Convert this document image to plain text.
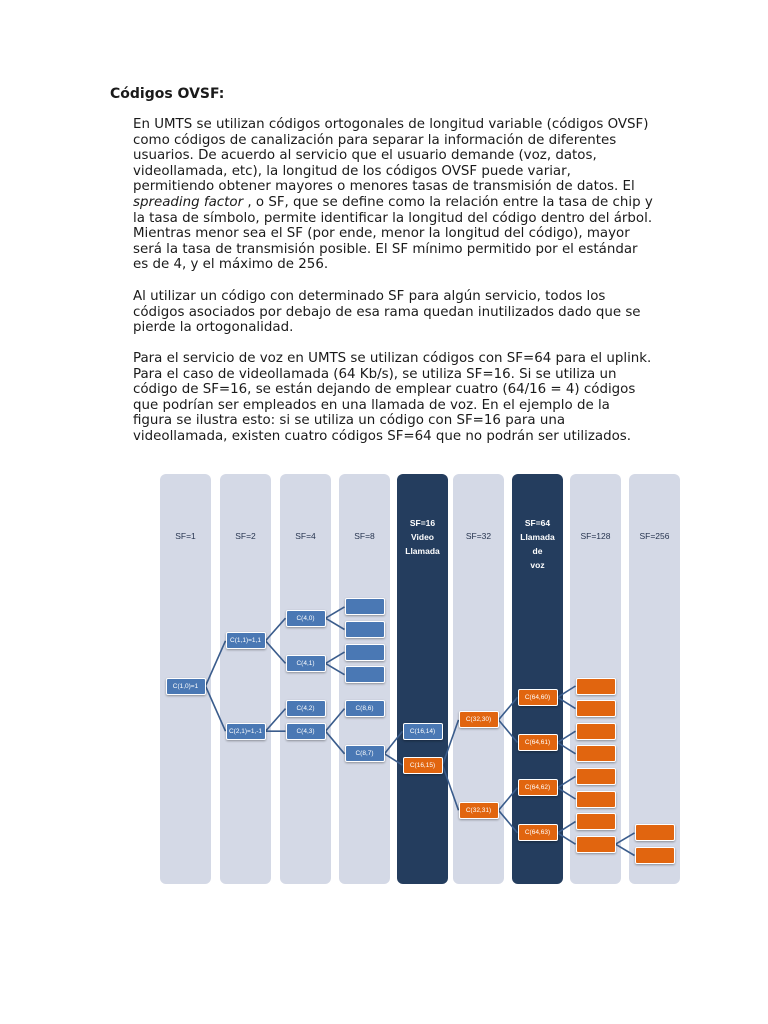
Códigos OVSF:

En UMTS se utilizan códigos ortogonales de longitud variable (códigos OVSF) como códigos de canalización para separar la información de diferentes usuarios. De acuerdo al servicio que el usuario demande (voz, datos, videollamada, etc), la longitud de los códigos OVSF puede variar, permitiendo obtener mayores o menores tasas de transmisión de datos. El spreading factor , o SF, que se define como la relación entre la tasa de chip y la tasa de símbolo, permite identificar la longitud del código dentro del árbol. Mientras menor sea el SF (por ende, menor la longitud del código), mayor será la tasa de transmisión posible. El SF mínimo permitido por el estándar es de 4, y el máximo de 256.

Al utilizar un código con determinado SF para algún servicio, todos los códigos asociados por debajo de esa rama quedan inutilizados dado que se pierde la ortogonalidad.

Para el servicio de voz en UMTS se utilizan códigos con SF=64 para el uplink. Para el caso de videollamada (64 Kb/s), se utiliza SF=16. Si se utiliza un código de SF=16, se están dejando de emplear cuatro (64/16 = 4) códigos que podrían ser empleados en una llamada de voz. En el ejemplo de la figura se ilustra esto: si se utiliza un código con SF=16 para una videollamada, existen cuatro códigos SF=64 que no podrán ser utilizados.

SF=1	SF=2	SF=4	SF=8
SF=16
Video
Llamada
SF=32
SF=64
Llamada
de
voz
SF=128	SF=256
C(1,0)=1
C(1,1)=1,1
C(2,1)=1,-1
C(4,0)
C(4,1)
C(4,2)
C(4,3)
C(8,6)
C(8,7)
C(16,14)
C(16,15)
C(32,30)
C(32,31)
C(64,60)
C(64,61)
C(64,62)
C(64,63)
